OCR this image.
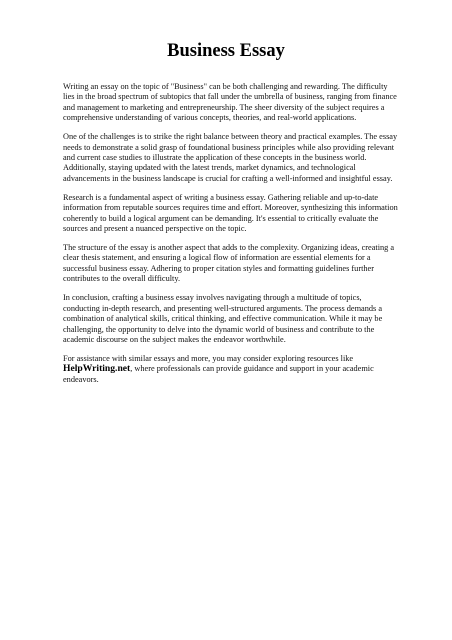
Business Essay

Writing an essay on the topic of "Business" can be both challenging and rewarding. The difficulty lies in the broad spectrum of subtopics that fall under the umbrella of business, ranging from finance and management to marketing and entrepreneurship. The sheer diversity of the subject requires a comprehensive understanding of various concepts, theories, and real-world applications.

One of the challenges is to strike the right balance between theory and practical examples. The essay needs to demonstrate a solid grasp of foundational business principles while also providing relevant and current case studies to illustrate the application of these concepts in the business world. Additionally, staying updated with the latest trends, market dynamics, and technological advancements in the business landscape is crucial for crafting a well-informed and insightful essay.

Research is a fundamental aspect of writing a business essay. Gathering reliable and up-to-date information from reputable sources requires time and effort. Moreover, synthesizing this information coherently to build a logical argument can be demanding. It's essential to critically evaluate the sources and present a nuanced perspective on the topic.

The structure of the essay is another aspect that adds to the complexity. Organizing ideas, creating a clear thesis statement, and ensuring a logical flow of information are essential elements for a successful business essay. Adhering to proper citation styles and formatting guidelines further contributes to the overall difficulty.

In conclusion, crafting a business essay involves navigating through a multitude of topics, conducting in-depth research, and presenting well-structured arguments. The process demands a combination of analytical skills, critical thinking, and effective communication. While it may be challenging, the opportunity to delve into the dynamic world of business and contribute to the academic discourse on the subject makes the endeavor worthwhile.

For assistance with similar essays and more, you may consider exploring resources like HelpWriting.net, where professionals can provide guidance and support in your academic endeavors.
